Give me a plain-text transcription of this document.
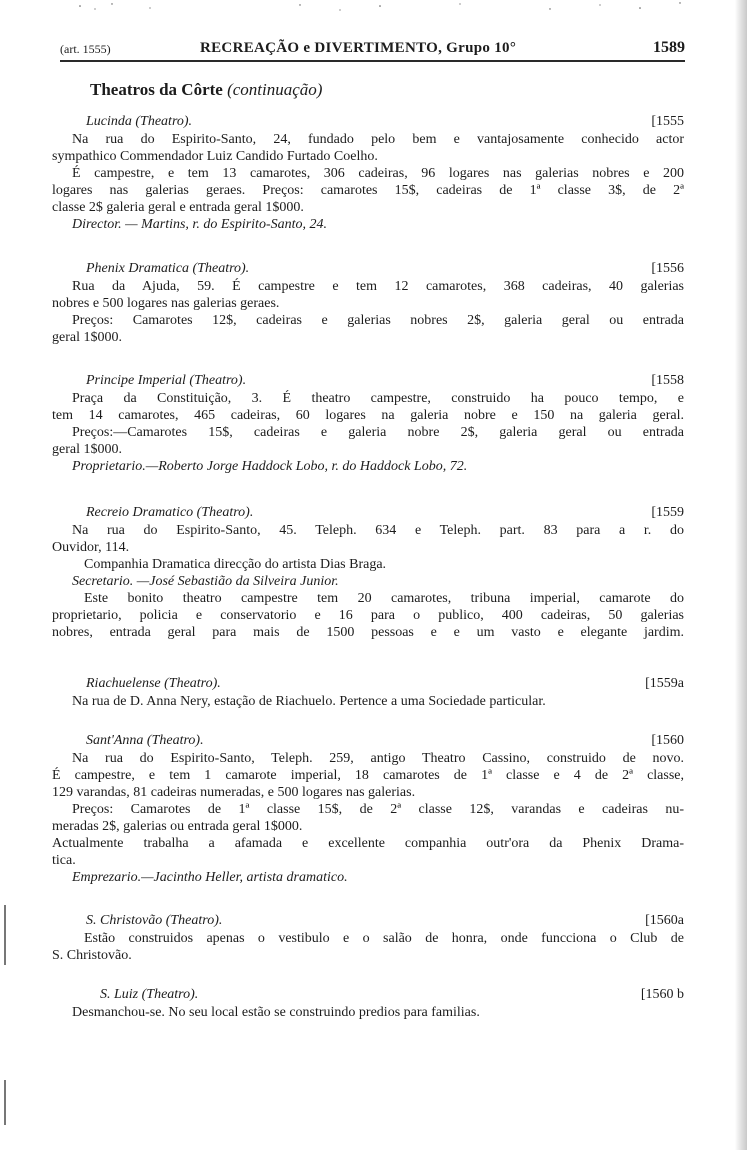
(art. 1555)	RECREAÇÃO e DIVERTIMENTO, Grupo 10°	1589
Theatros da Côrte (continuação)
Lucinda (Theatro).	[1555
Na rua do Espirito-Santo, 24, fundado pelo bem e vantajosamente conhecido actor
sympathico Commendador Luiz Candido Furtado Coelho.
É campestre, e tem 13 camarotes, 306 cadeiras, 96 logares nas galerias nobres e 200
logares nas galerias geraes. Preços: camarotes 15$, cadeiras de 1ª classe 3$, de 2ª
classe 2$ galeria geral e entrada geral 1$000.
Director. — Martins, r. do Espirito-Santo, 24.
Phenix Dramatica (Theatro).	[1556
Rua da Ajuda, 59. É campestre e tem 12 camarotes, 368 cadeiras, 40 galerias
nobres e 500 logares nas galerias geraes.
Preços: Camarotes 12$, cadeiras e galerias nobres 2$, galeria geral ou entrada
geral 1$000.
Principe Imperial (Theatro).	[1558
Praça da Constituição, 3. É theatro campestre, construido ha pouco tempo, e
tem 14 camarotes, 465 cadeiras, 60 logares na galeria nobre e 150 na galeria geral.
Preços:—Camarotes 15$, cadeiras e galeria nobre 2$, galeria geral ou entrada
geral 1$000.
Proprietario.—Roberto Jorge Haddock Lobo, r. do Haddock Lobo, 72.
Recreio Dramatico (Theatro).	[1559
Na rua do Espirito-Santo, 45. Teleph. 634 e Teleph. part. 83 para a r. do
Ouvidor, 114.
Companhia Dramatica direcção do artista Dias Braga.
Secretario. —José Sebastião da Silveira Junior.
Este bonito theatro campestre tem 20 camarotes, tribuna imperial, camarote do
proprietario, policia e conservatorio e 16 para o publico, 400 cadeiras, 50 galerias
nobres, entrada geral para mais de 1500 pessoas e e um vasto e elegante jardim.
Riachuelense (Theatro).	[1559a
Na rua de D. Anna Nery, estação de Riachuelo. Pertence a uma Sociedade particular.
Sant'Anna (Theatro).	[1560
Na rua do Espirito-Santo, Teleph. 259, antigo Theatro Cassino, construido de novo.
É campestre, e tem 1 camarote imperial, 18 camarotes de 1ª classe e 4 de 2ª classe,
129 varandas, 81 cadeiras numeradas, e 500 logares nas galerias.
Preços: Camarotes de 1ª classe 15$, de 2ª classe 12$, varandas e cadeiras nu-
meradas 2$, galerias ou entrada geral 1$000.
Actualmente trabalha a afamada e excellente companhia outr'ora da Phenix Drama-
tica.
Emprezario.—Jacintho Heller, artista dramatico.
S. Christovão (Theatro).	[1560a
Estão construidos apenas o vestibulo e o salão de honra, onde funcciona o Club de
S. Christovão.
S. Luiz (Theatro).	[1560 b
Desmanchou-se. No seu local estão se construindo predios para familias.
